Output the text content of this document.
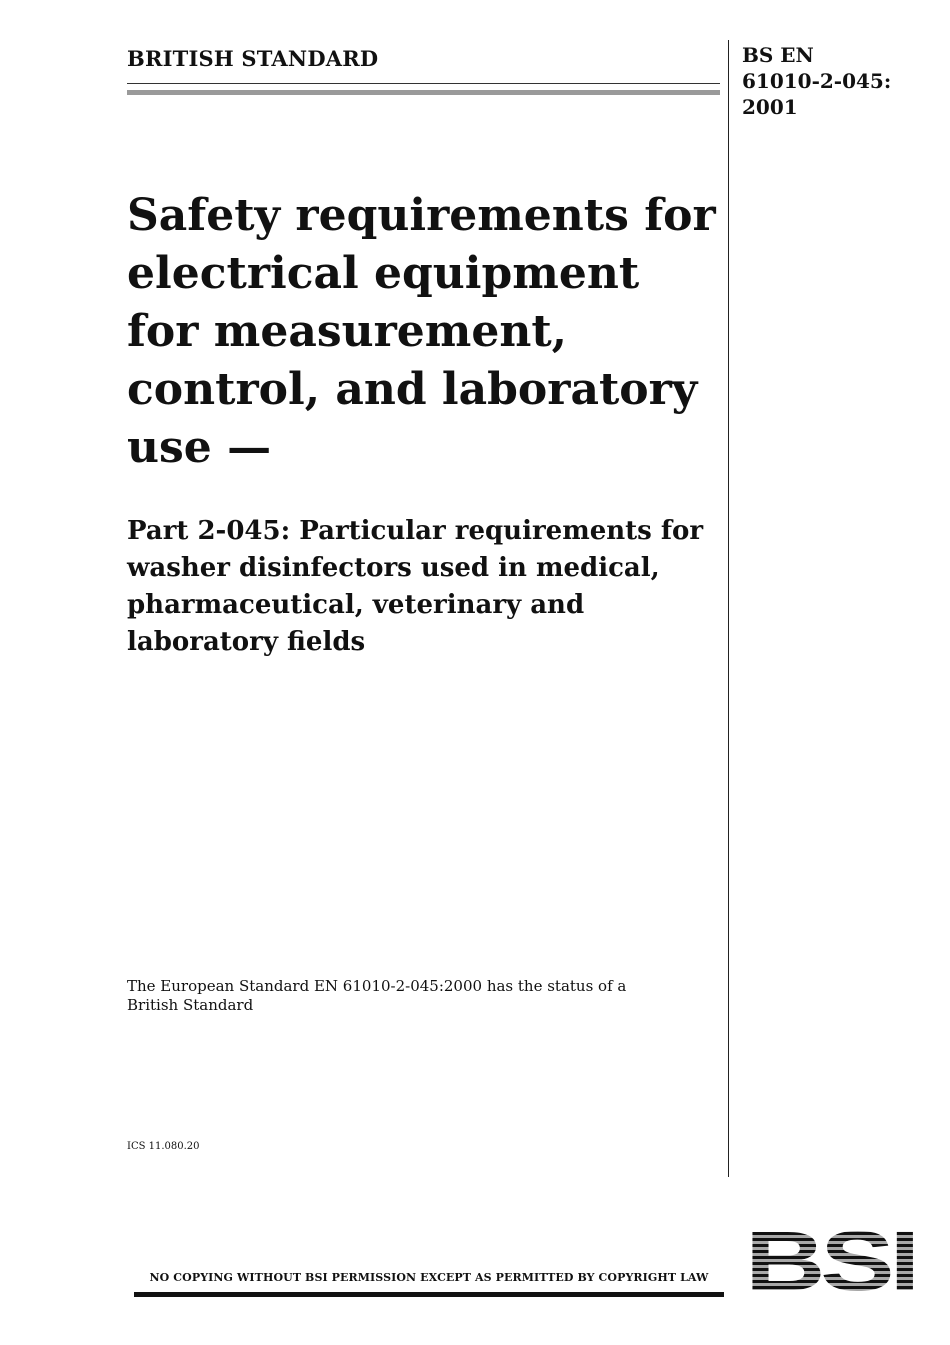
BRITISH STANDARD	BS EN
61010-2-045:
2001
Safety requirements for
electrical equipment
for measurement,
control, and laboratory
use —
Part 2-045: Particular requirements for
washer disinfectors used in medical,
pharmaceutical, veterinary and
laboratory fields
The European Standard EN 61010-2-045:2000 has the status of a
British Standard
ICS 11.080.20
NO COPYING WITHOUT BSI PERMISSION EXCEPT AS PERMITTED BY COPYRIGHT LAW BSI
